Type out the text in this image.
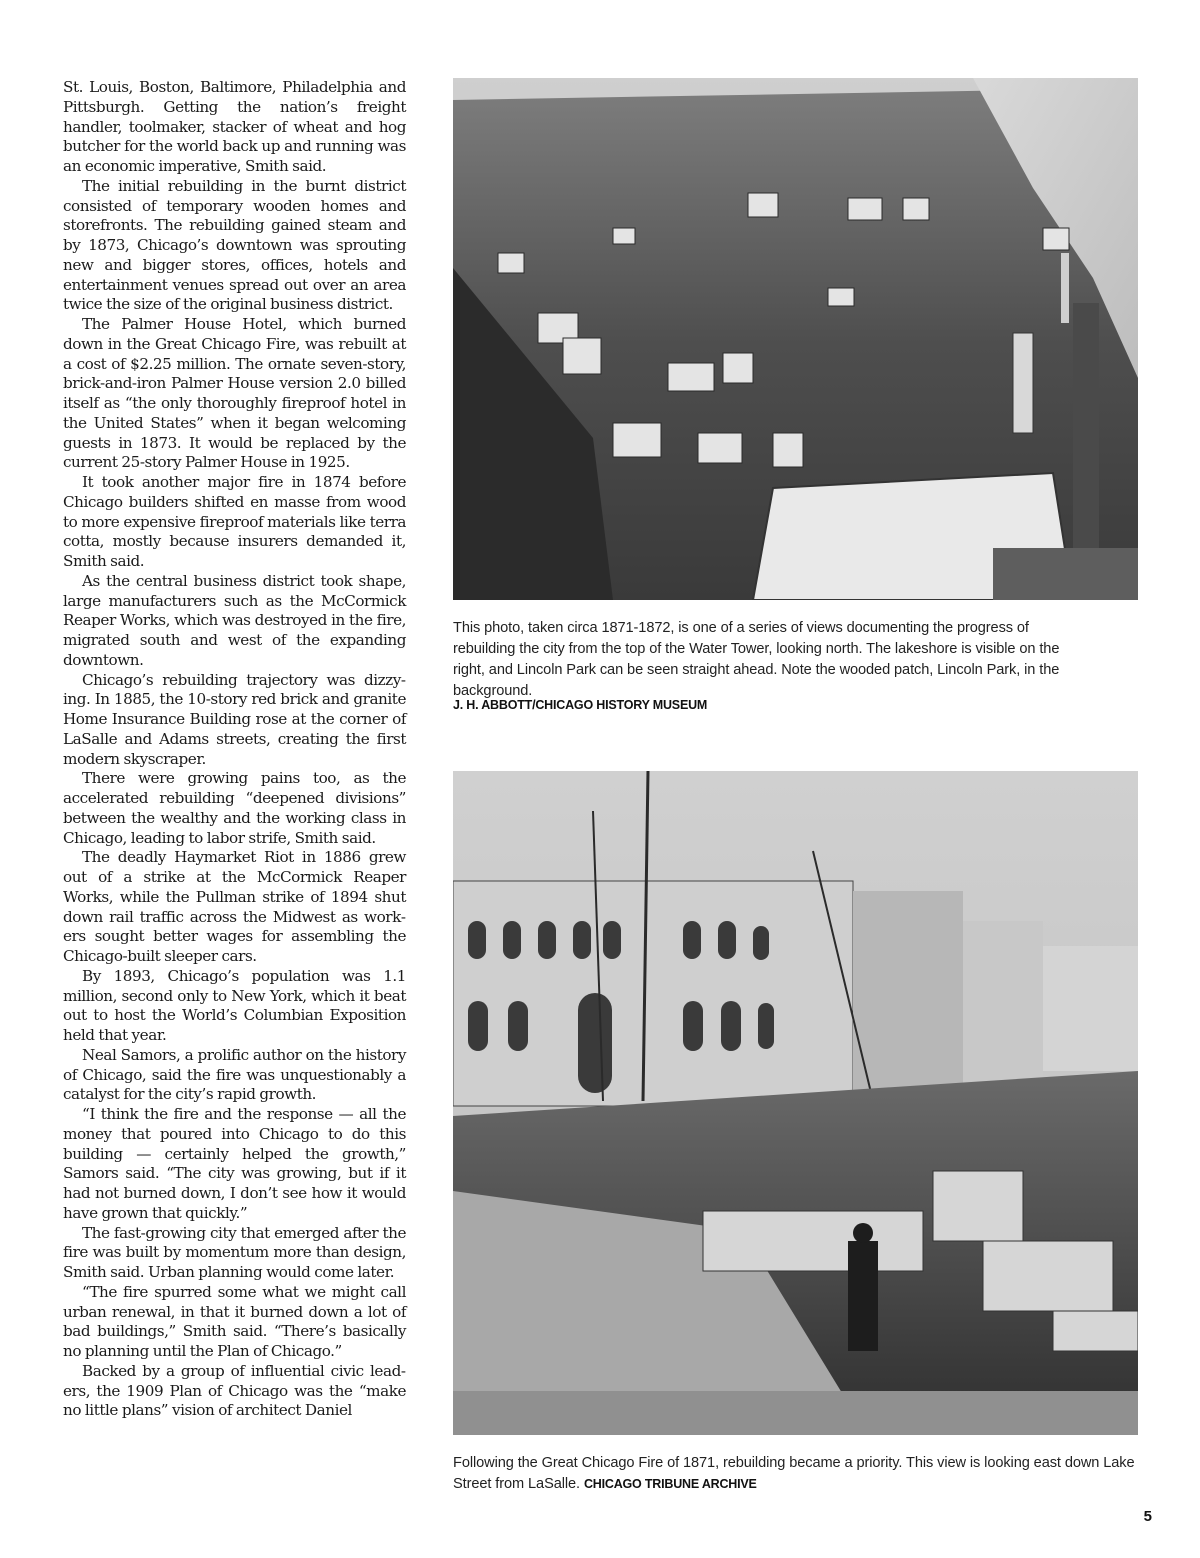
St. Louis, Boston, Baltimore, Philadelphia and Pittsburgh. Getting the nation’s freight handler, toolmaker, stacker of wheat and hog butcher for the world back up and running was an economic imperative, Smith said.

The initial rebuilding in the burnt district consisted of temporary wooden homes and storefronts. The rebuilding gained steam and by 1873, Chicago’s downtown was sprouting new and bigger stores, offices, hotels and entertainment venues spread out over an area twice the size of the original business district.

The Palmer House Hotel, which burned down in the Great Chicago Fire, was rebuilt at a cost of $2.25 million. The ornate seven-story, brick-and-iron Palmer House version 2.0 billed itself as “the only thoroughly fireproof hotel in the United States” when it began welcoming guests in 1873. It would be replaced by the current 25-story Palmer House in 1925.

It took another major fire in 1874 before Chicago builders shifted en masse from wood to more expensive fireproof materials like terra cotta, mostly because insurers demanded it, Smith said.

As the central business district took shape, large manufacturers such as the McCormick Reaper Works, which was destroyed in the fire, migrated south and west of the expanding downtown.

Chicago’s rebuilding trajectory was dizzying. In 1885, the 10-story red brick and granite Home Insurance Building rose at the corner of LaSalle and Adams streets, creating the first modern skyscraper.

There were growing pains too, as the accelerated rebuilding “deepened divisions” between the wealthy and the working class in Chicago, leading to labor strife, Smith said.

The deadly Haymarket Riot in 1886 grew out of a strike at the McCormick Reaper Works, while the Pullman strike of 1894 shut down rail traffic across the Midwest as workers sought better wages for assembling the Chicago-built sleeper cars.

By 1893, Chicago’s population was 1.1 million, second only to New York, which it beat out to host the World’s Columbian Exposition held that year.

Neal Samors, a prolific author on the history of Chicago, said the fire was unquestionably a catalyst for the city’s rapid growth.

“I think the fire and the response — all the money that poured into Chicago to do this building — certainly helped the growth,” Samors said. “The city was growing, but if it had not burned down, I don’t see how it would have grown that quickly.”

The fast-growing city that emerged after the fire was built by momentum more than design, Smith said. Urban planning would come later.

“The fire spurred some what we might call urban renewal, in that it burned down a lot of bad buildings,” Smith said. “There’s basically no planning until the Plan of Chicago.”

Backed by a group of influential civic leaders, the 1909 Plan of Chicago was the “make no little plans” vision of architect Daniel

This photo, taken circa 1871-1872, is one of a series of views documenting the progress of rebuilding the city from the top of the Water Tower, looking north. The lakeshore is visible on the right, and Lincoln Park can be seen straight ahead. Note the wooded patch, Lincoln Park, in the background.
J. H. ABBOTT/CHICAGO HISTORY MUSEUM
Following the Great Chicago Fire of 1871, rebuilding became a priority. This view is looking east down Lake Street from LaSalle. CHICAGO TRIBUNE ARCHIVE
5
